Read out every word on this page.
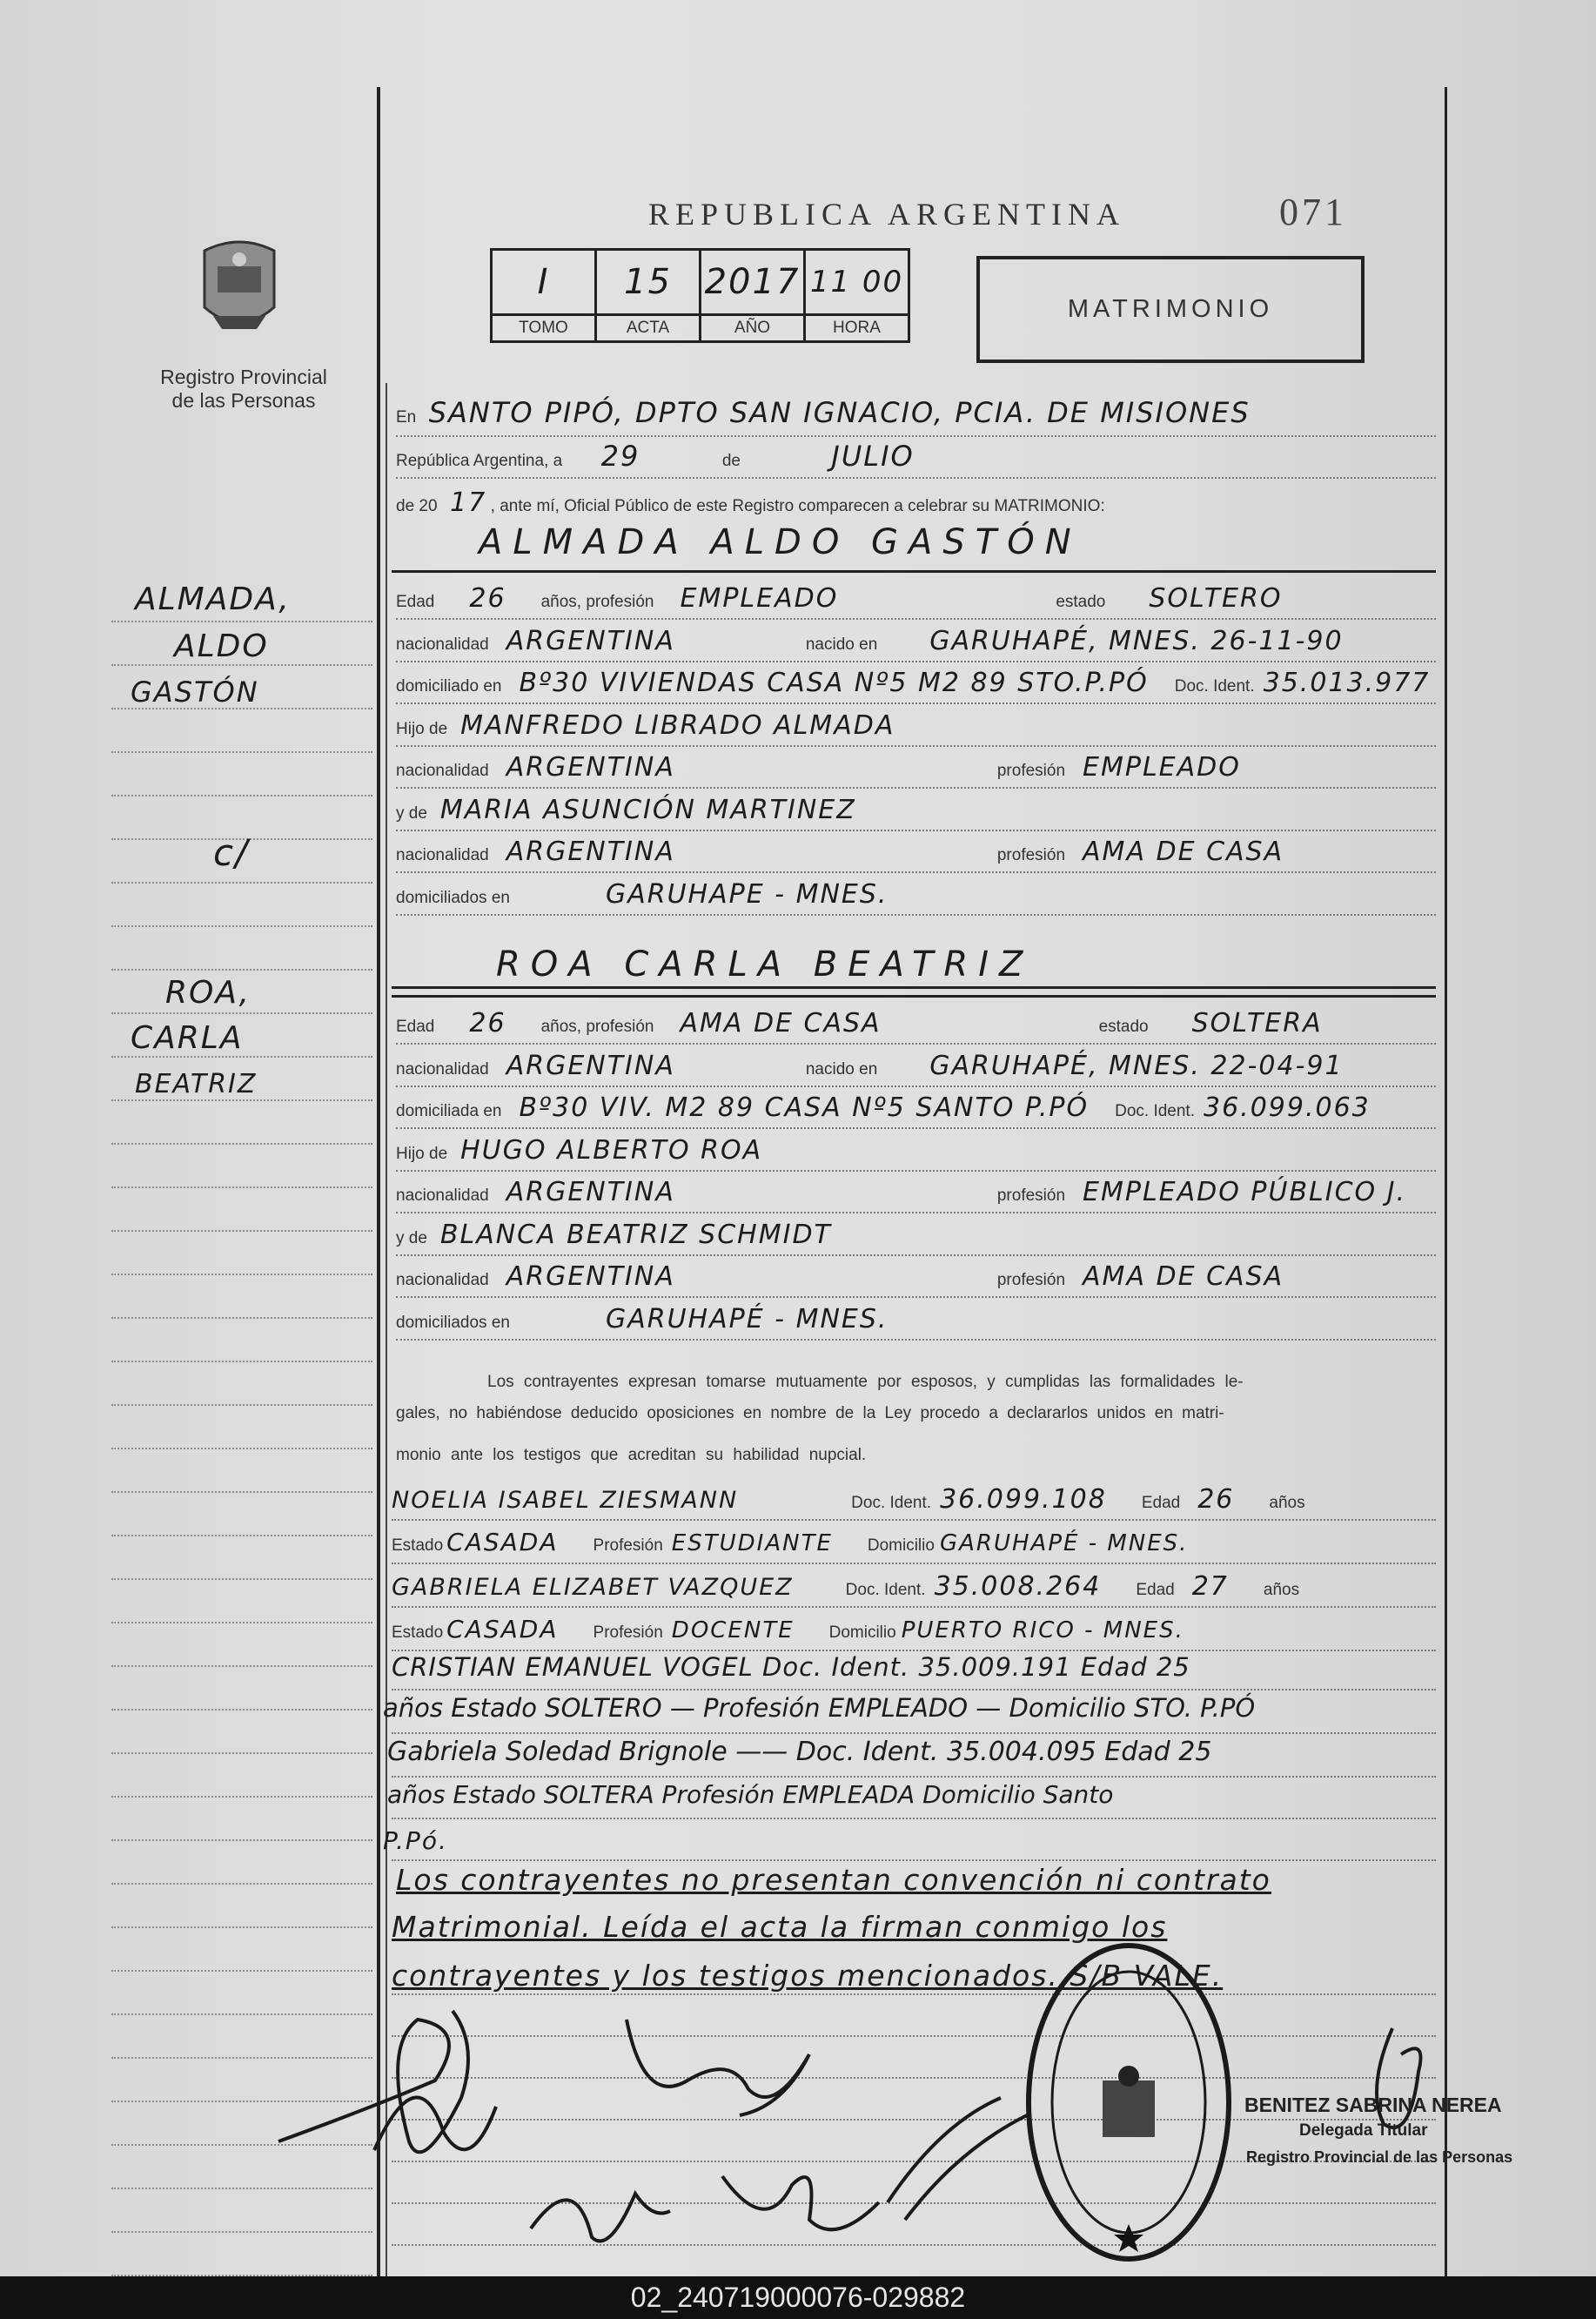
Registro Provincial
de las Personas
REPUBLICA ARGENTINA	071
I	15	2017	11 00
TOMO	ACTA	AÑO	HORA
MATRIMONIO
ALMADA,
ALDO
GASTÓN
c/
ROA,
CARLA
BEATRIZ
En SANTO PIPÓ, DPTO SAN IGNACIO, PCIA. DE MISIONES
República Argentina, a 29	de	JULIO
de 20 17 , ante mí, Oficial Público de este Registro comparecen a celebrar su MATRIMONIO:
ALMADA ALDO GASTÓN
Edad 26 años, profesión EMPLEADO	estado SOLTERO
nacionalidad ARGENTINA	nacido en GARUHAPÉ, MNES. 26-11-90
domiciliado en Bº30 VIVIENDAS CASA Nº5 M2 89 STO.P.PÓ Doc. Ident. 35.013.977
Hijo de MANFREDO LIBRADO ALMADA
nacionalidad ARGENTINA	profesión EMPLEADO
y de MARIA ASUNCIÓN MARTINEZ
nacionalidad ARGENTINA	profesión AMA DE CASA
domiciliados en	GARUHAPE - MNES.
ROA CARLA BEATRIZ
Edad 26 años, profesión AMA DE CASA	estado SOLTERA
nacionalidad ARGENTINA	nacido en GARUHAPÉ, MNES. 22-04-91
domiciliada en Bº30 VIV. M2 89 CASA Nº5 SANTO P.PÓ Doc. Ident. 36.099.063
Hijo de HUGO ALBERTO ROA
nacionalidad ARGENTINA	profesión EMPLEADO PÚBLICO J.
y de BLANCA BEATRIZ SCHMIDT
nacionalidad ARGENTINA	profesión AMA DE CASA
domiciliados en	GARUHAPÉ - MNES.
Los contrayentes expresan tomarse mutuamente por esposos, y cumplidas las formalidades le-
gales, no habiéndose deducido oposiciones en nombre de la Ley procedo a declararlos unidos en matri-
monio ante los testigos que acreditan su habilidad nupcial.
NOELIA ISABEL ZIESMANN	Doc. Ident. 36.099.108 Edad 26 años
Estado CASADA Profesión ESTUDIANTE Domicilio GARUHAPÉ - MNES.
GABRIELA ELIZABET VAZQUEZ	Doc. Ident. 35.008.264 Edad 27 años
Estado CASADA Profesión DOCENTE Domicilio PUERTO RICO - MNES.
CRISTIAN EMANUEL VOGEL Doc. Ident. 35.009.191 Edad 25
años Estado SOLTERO — Profesión EMPLEADO — Domicilio STO. P.PÓ
Gabriela Soledad Brignole —— Doc. Ident. 35.004.095 Edad 25
años Estado SOLTERA Profesión EMPLEADA Domicilio Santo
P.Pó.
Los contrayentes no presentan convención ni contrato
Matrimonial. Leída el acta la firman conmigo los
contrayentes y los testigos mencionados. S/B VALE.
BENITEZ SABRINA NEREA
Delegada Titular
Registro Provincial de las Personas
02_240719000076-029882
